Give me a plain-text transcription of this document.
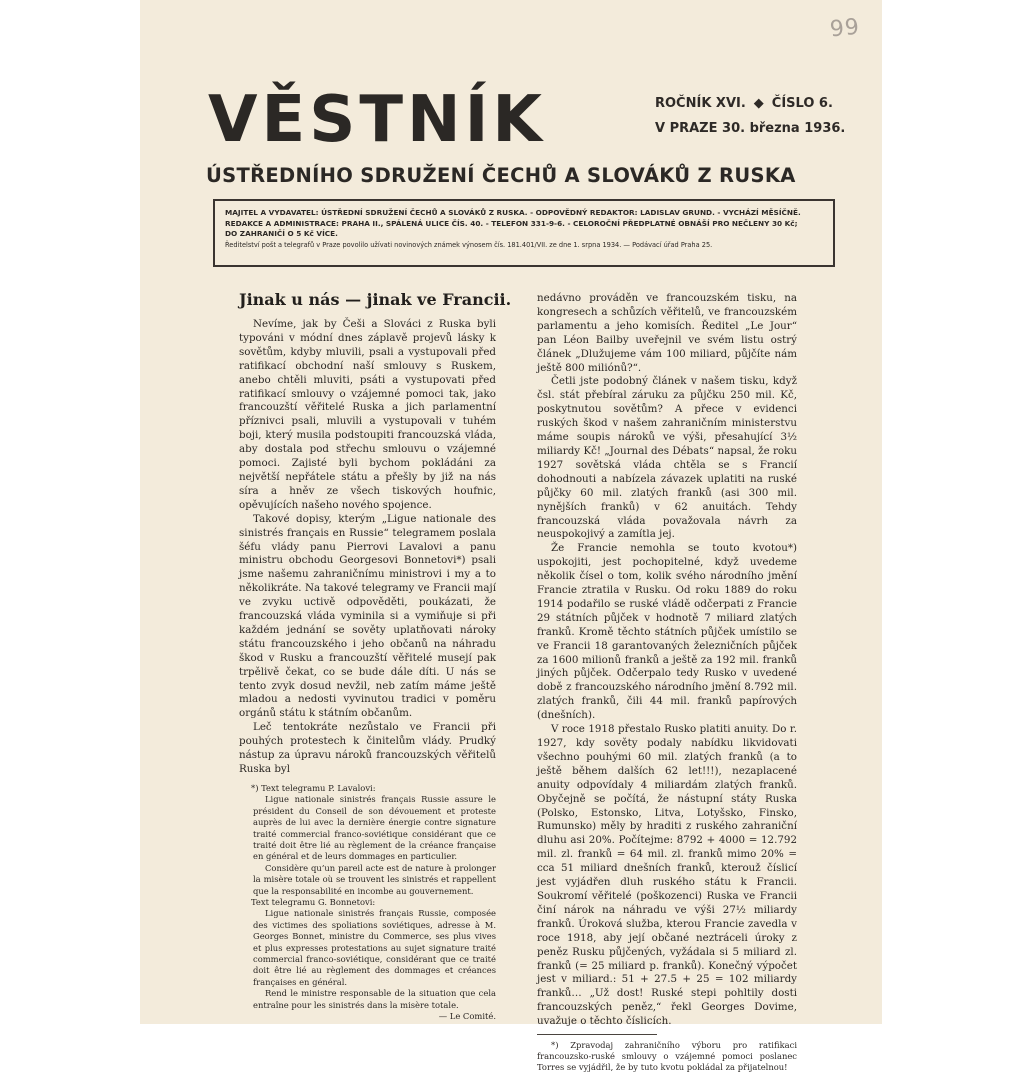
99
VĚSTNÍK	ROČNÍK XVI. ◆ ČÍSLO 6.
V PRAZE 30. března 1936.
ÚSTŘEDNÍHO SDRUŽENÍ ČECHŮ A SLOVÁKŮ Z RUSKA
MAJITEL A VYDAVATEL: ÚSTŘEDNÍ SDRUŽENÍ ČECHŮ A SLOVÁKŮ Z RUSKA. - ODPOVĚDNÝ REDAKTOR: LADISLAV GRUND. - VYCHÁZÍ MĚSÍČNĚ.
REDAKCE A ADMINISTRACE: PRAHA II., SPÁLENÁ ULICE ČÍS. 40. - TELEFON 331-9-6. - CELOROČNÍ PŘEDPLATNÉ OBNÁŠÍ PRO NEČLENY 30 Kč;
DO ZAHRANIČÍ O 5 Kč VÍCE.
Ředitelství pošt a telegrafů v Praze povolilo užívati novinových známek výnosem čís. 181.401/VII. ze dne 1. srpna 1934. — Podávací úřad Praha 25.
Jinak u nás — jinak ve Francii.

Nevíme, jak by Češi a Slováci z Ruska byli typováni v módní dnes záplavě projevů lásky k sovětům, kdyby mluvili, psali a vystupovali před ratifikací obchodní naší smlouvy s Ruskem, anebo chtěli mluviti, psáti a vystupovati před ratifikací smlouvy o vzájemné pomoci tak, jako francouzští věřitelé Ruska a jich parlamentní příznivci psali, mluvili a vystupovali v tuhém boji, který musila podstoupiti francouzská vláda, aby dostala pod střechu smlouvu o vzájemné pomoci. Zajisté byli bychom pokládáni za největší nepřátele státu a přešly by již na nás síra a hněv ze všech tiskových houfnic, opěvujících našeho nového spojence.

Takové dopisy, kterým „Ligue nationale des sinistrés français en Russie“ telegramem poslala šéfu vlády panu Pierrovi Lavalovi a panu ministru obchodu Georgesovi Bonnetovi*) psali jsme našemu zahraničnímu ministrovi i my a to několikráte. Na takové telegramy ve Francii mají ve zvyku uctivě odpověděti, poukázati, že francouzská vláda vyminila si a vymiňuje si při každém jednání se sověty uplatňovati nároky státu francouzského i jeho občanů na náhradu škod v Rusku a francouzští věřitelé musejí pak trpělivě čekat, co se bude dále díti. U nás se tento zvyk dosud nevžil, neb zatím máme ještě mladou a nedosti vyvinutou tradici v poměru orgánů státu k státním občanům.

Leč tentokráte nezůstalo ve Francii při pouhých protestech k činitelům vlády. Prudký nástup za úpravu nároků francouzských věřitelů Ruska byl

*) Text telegramu P. Lavalovi:

Ligue nationale sinistrés français Russie assure le président du Conseil de son dévouement et proteste auprès de lui avec la dernière énergie contre signature traité commercial franco-soviétique considérant que ce traité doit être lié au règlement de la créance française en général et de leurs dommages en particulier.

Considère qu’un pareil acte est de nature à prolonger la misère totale où se trouvent les sinistrés et rappellent que la responsabilité en incombe au gouvernement.

Text telegramu G. Bonnetovi:

Ligue nationale sinistrés français Russie, composée des victimes des spoliations soviétiques, adresse à M. Georges Bonnet, ministre du Commerce, ses plus vives et plus expresses protestations au sujet signature traité commercial franco-soviétique, considérant que ce traité doit être lié au règlement des dommages et créances françaises en général.

Rend le ministre responsable de la situation que cela entraîne pour les sinistrés dans la misère totale.

— Le Comité.

nedávno prováděn ve francouzském tisku, na kongresech a schůzích věřitelů, ve francouzském parlamentu a jeho komisích. Ředitel „Le Jour“ pan Léon Bailby uveřejnil ve svém listu ostrý článek „Dlužujeme vám 100 miliard, půjčíte nám ještě 800 miliónů?“.

Četli jste podobný článek v našem tisku, když čsl. stát přebíral záruku za půjčku 250 mil. Kč, poskytnutou sovětům? A přece v evidenci ruských škod v našem zahraničním ministerstvu máme soupis nároků ve výši, přesahující 3½ miliardy Kč! „Journal des Débats“ napsal, že roku 1927 sovětská vláda chtěla se s Francií dohodnouti a nabízela závazek uplatiti na ruské půjčky 60 mil. zlatých franků (asi 300 mil. nynějších franků) v 62 anuitách. Tehdy francouzská vláda považovala návrh za neuspokojivý a zamítla jej.

Že Francie nemohla se touto kvotou*) uspokojiti, jest pochopitelné, když uvedeme několik čísel o tom, kolik svého národního jmění Francie ztratila v Rusku. Od roku 1889 do roku 1914 podařilo se ruské vládě odčerpati z Francie 29 státních půjček v hodnotě 7 miliard zlatých franků. Kromě těchto státních půjček umístilo se ve Francii 18 garantovaných železničních půjček za 1600 milionů franků a ještě za 192 mil. franků jiných půjček. Odčerpalo tedy Rusko v uvedené době z francouzského národního jmění 8.792 mil. zlatých franků, čili 44 mil. franků papírových (dnešních).

V roce 1918 přestalo Rusko platiti anuity. Do r. 1927, kdy sověty podaly nabídku likvidovati všechno pouhými 60 mil. zlatých franků (a to ještě během dalších 62 let!!!), nezaplacené anuity odpovídaly 4 miliardám zlatých franků. Obyčejně se počítá, že nástupní státy Ruska (Polsko, Estonsko, Litva, Lotyšsko, Finsko, Rumunsko) měly by hraditi z ruského zahraniční dluhu asi 20%. Počítejme: 8792 + 4000 = 12.792 mil. zl. franků = 64 mil. zl. franků mimo 20% = cca 51 miliard dnešních franků, kterouž číslicí jest vyjádřen dluh ruského státu k Francii. Soukromí věřitelé (poškozenci) Ruska ve Francii činí nárok na náhradu ve výši 27½ miliardy franků. Úroková služba, kterou Francie zavedla v roce 1918, aby její občané neztráceli úroky z peněz Rusku půjčených, vyžádala si 5 miliard zl. franků (= 25 miliard p. franků). Konečný výpočet jest v miliard.: 51 + 27.5 + 25 = 102 miliardy franků… „Už dost! Ruské stepi pohltily dosti francouzských peněz,“ řekl Georges Dovime, uvažuje o těchto číslicích.

*) Zpravodaj zahraničního výboru pro ratifikaci francouzsko-ruské smlouvy o vzájemné pomoci poslanec Torres se vyjádřil, že by tuto kvotu pokládal za přijatelnou!
